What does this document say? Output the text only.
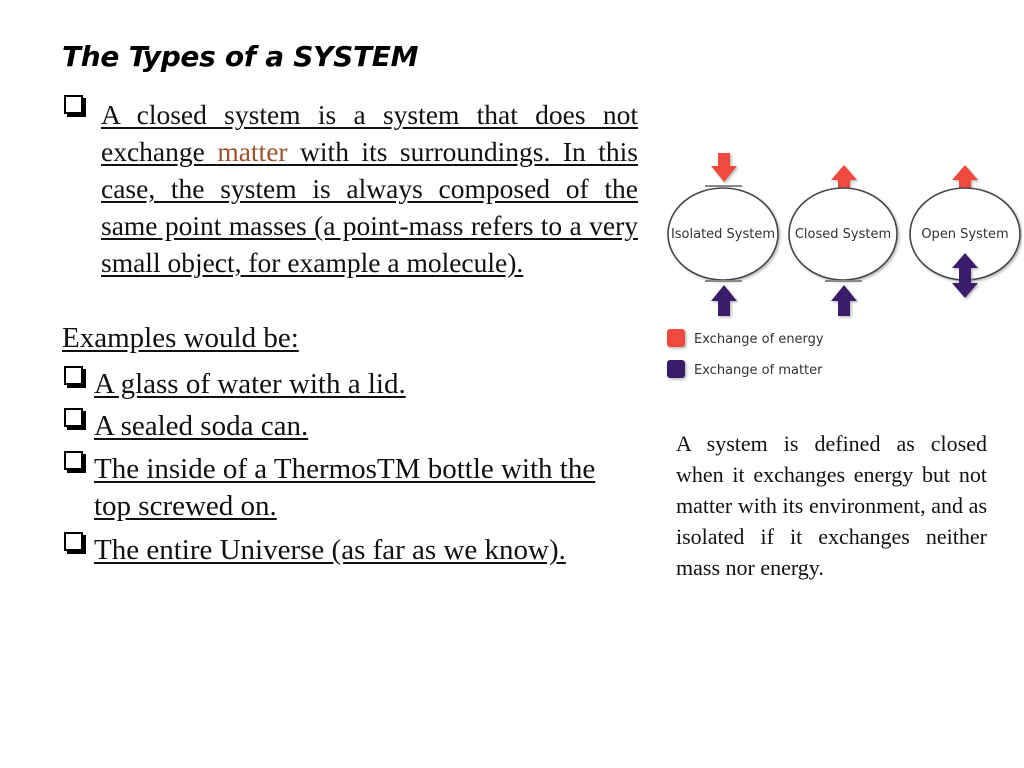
The Types of a SYSTEM

A closed system is a system that does not exchange matter with its surroundings. In this case, the system is always composed of the same point masses (a point-mass refers to a very small object, for example a molecule).

Examples would be:

A glass of water with a lid.

A sealed soda can.

The inside of a ThermosTM bottle with the top screwed on.

The entire Universe (as far as we know).

Isolated System Closed System Open System
Exchange of energy
Exchange of matter

A system is defined as closed when it exchanges energy but not matter with its environment, and as isolated if it exchanges neither mass nor energy.
